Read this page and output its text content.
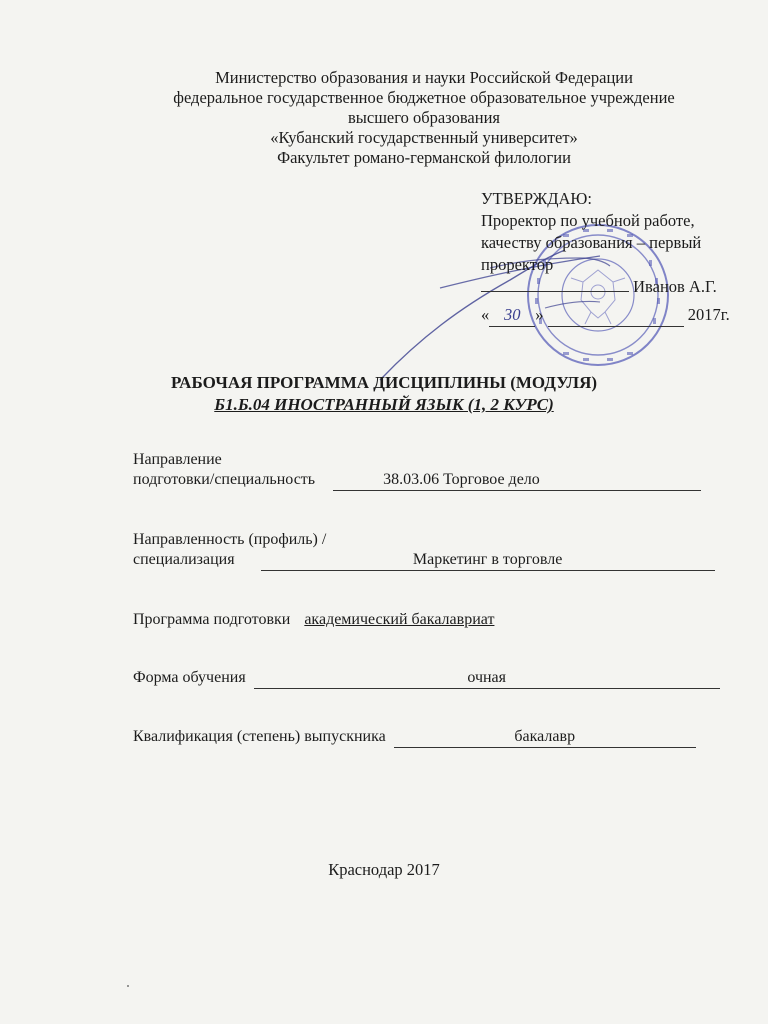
Министерство образования и науки Российской Федерации
федеральное государственное бюджетное образовательное учреждение
высшего образования
«Кубанский государственный университет»
Факультет романо-германской филологии
УТВЕРЖДАЮ:
Проректор по учебной работе,
качеству образования – первый
проректор
Иванов А.Г.
« 30 »	2017г.
РАБОЧАЯ ПРОГРАММА ДИСЦИПЛИНЫ (МОДУЛЯ)
Б1.Б.04 ИНОСТРАННЫЙ ЯЗЫК (1, 2 КУРС)
Направление
подготовки/специальность	38.03.06 Торговое дело
Направленность (профиль) /
специализация	Маркетинг в торговле
Программа подготовки академический бакалавриат
Форма обучения	очная
Квалификация (степень) выпускника	бакалавр
Краснодар 2017
